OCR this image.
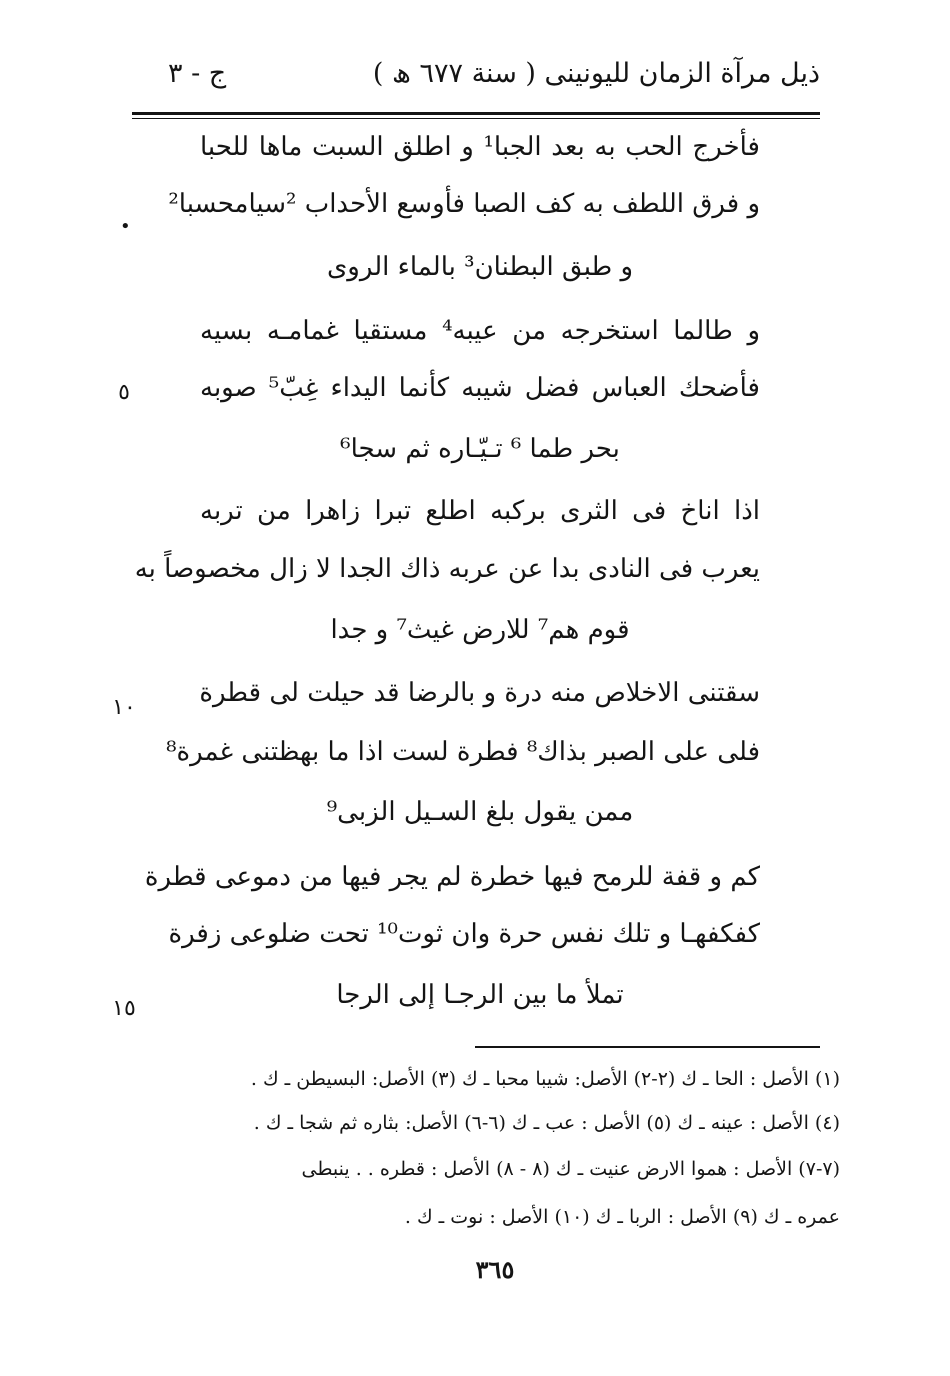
ذيل مرآة الزمان لليونينى ( سنة ٦٧٧ ھ )
ج - ٣
فأخرج الحب به بعد الجبا¹ و اطلق السبت ماها للحبا
و فرق اللطف به كف الصبا فأوسع الأحداب ²سيامحسبا²
و طبق البطنان³ بالماء الروى
و طالما استخرجه من عيبه⁴ مستقيا غمامـه بسيه
فأضحك العباس فضل شيبه كأنما اليداء غِبّ⁵ صوبه
بحر طما ⁶ تـيّـاره ثم سجا⁶
اذا اناخ فى الثرى بركبه اطلع تبرا زاهرا من تربه
يعرب فى النادى بدا عن عربه ذاك الجدا لا زال مخصوصاً به
قوم هم⁷ للارض غيث⁷ و جدا
سقتنى الاخلاص منه درة و بالرضا قد حيلت لى قطرة
فلى على الصبر بذاك⁸ فطرة لست اذا ما بهظتنى غمرة⁸
ممن يقول بلغ السـيل الزبى⁹
كم و قفة للرمح فيها خطرة لم يجر فيها من دموعى قطرة
كفكفهـا و تلك نفس حرة وان ثوت¹⁰ تحت ضلوعى زفرة
تملأ ما بين الرجـا إلى الرجا
•
٥
١٠
١٥
(١) الأصل : الحا ـ ك (٢-٢) الأصل: شيبا محبا ـ ك (٣) الأصل: البسيطن ـ ك .
(٤) الأصل : عينه ـ ك (٥) الأصل : عب ـ ك (٦-٦) الأصل: بثاره ثم شجا ـ ك .
(٧-٧) الأصل : هموا الارض عنيت ـ ك (٨ - ٨) الأصل : قطره . . ينبطى
عمره ـ ك (٩) الأصل : الربا ـ ك (١٠) الأصل : نوت ـ ك .
٣٦٥
